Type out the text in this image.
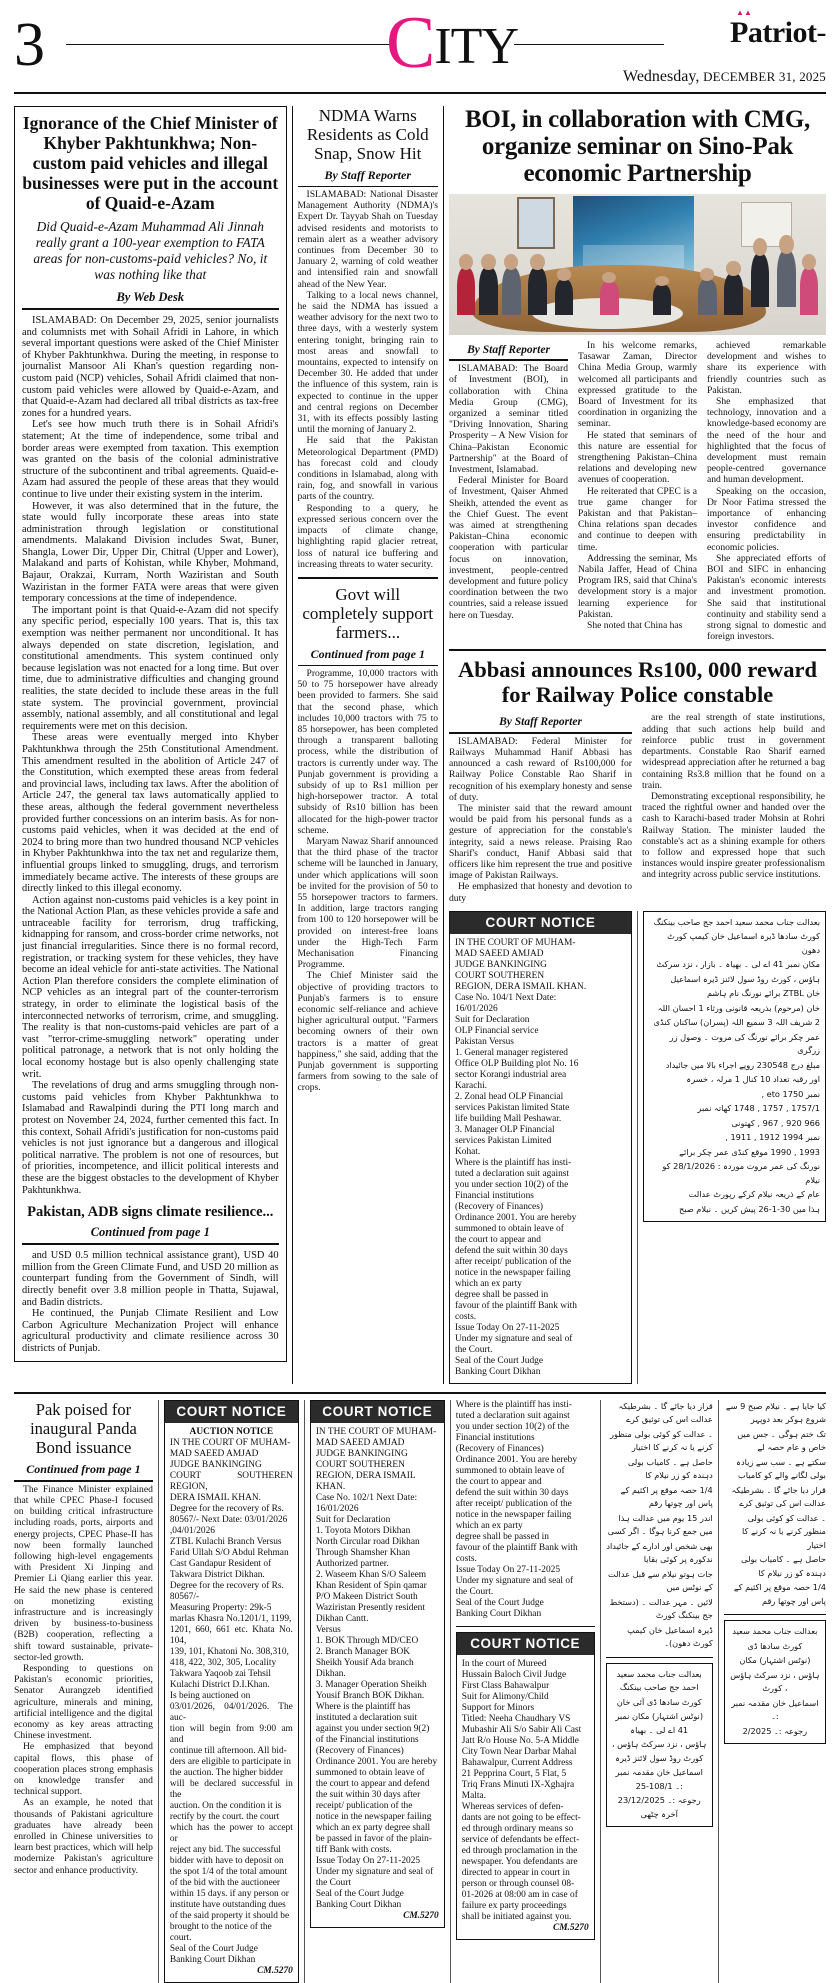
3	CITY
▲▲
Patriot-
Wednesday, DECEMBER 31, 2025
Ignorance of the Chief Minister of Khyber Pakhtunkhwa; Non-custom paid vehicles and illegal businesses were put in the account of Quaid-e-Azam
Did Quaid-e-Azam Muhammad Ali Jinnah really grant a 100-year exemption to FATA areas for non-customs-paid vehicles? No, it was nothing like that
By Web Desk

ISLAMABAD: On December 29, 2025, senior journalists and columnists met with Sohail Afridi in Lahore, in which several important questions were asked of the Chief Minister of Khyber Pakhtunkhwa. During the meeting, in response to journalist Mansoor Ali Khan's question regarding non-custom paid (NCP) vehicles, Sohail Afridi claimed that non-custom paid vehicles were allowed by Quaid-e-Azam, and that Quaid-e-Azam had declared all tribal districts as tax-free zones for a hundred years.

Let's see how much truth there is in Sohail Afridi's statement; At the time of independence, some tribal and border areas were exempted from taxation. This exemption was granted on the basis of the colonial administrative structure of the subcontinent and tribal agreements. Quaid-e-Azam had assured the people of these areas that they would continue to live under their existing system in the interim.

However, it was also determined that in the future, the state would fully incorporate these areas into state administration through legislation or constitutional amendments. Malakand Division includes Swat, Buner, Shangla, Lower Dir, Upper Dir, Chitral (Upper and Lower), Malakand and parts of Kohistan, while Khyber, Mohmand, Bajaur, Orakzai, Kurram, North Waziristan and South Waziristan in the former FATA were areas that were given temporary concessions at the time of independence.

The important point is that Quaid-e-Azam did not specify any specific period, especially 100 years. That is, this tax exemption was neither permanent nor unconditional. It has always depended on state discretion, legislation, and constitutional amendments. This system continued only because legislation was not enacted for a long time. But over time, due to administrative difficulties and changing ground realities, the state decided to include these areas in the full state system. The provincial government, provincial assembly, national assembly, and all constitutional and legal requirements were met on this decision.

These areas were eventually merged into Khyber Pakhtunkhwa through the 25th Constitutional Amendment. This amendment resulted in the abolition of Article 247 of the Constitution, which exempted these areas from federal and provincial laws, including tax laws. After the abolition of Article 247, the general tax laws automatically applied to these areas, although the federal government nevertheless provided further concessions on an interim basis. As for non-customs paid vehicles, when it was decided at the end of 2024 to bring more than two hundred thousand NCP vehicles in Khyber Pakhtunkhwa into the tax net and regularize them, influential groups linked to smuggling, drugs, and terrorism immediately became active. The interests of these groups are directly linked to this illegal economy.

Action against non-customs paid vehicles is a key point in the National Action Plan, as these vehicles provide a safe and untraceable facility for terrorism, drug trafficking, kidnapping for ransom, and cross-border crime networks, not just financial irregularities. Since there is no formal record, registration, or tracking system for these vehicles, they have become an ideal vehicle for anti-state activities. The National Action Plan therefore considers the complete elimination of NCP vehicles as an integral part of the counter-terrorism strategy, in order to eliminate the logistical basis of the interconnected networks of terrorism, crime, and smuggling. The reality is that non-customs-paid vehicles are part of a vast "terror-crime-smuggling network" operating under political patronage, a network that is not only holding the local economy hostage but is also openly challenging state writ.

The revelations of drug and arms smuggling through non-customs paid vehicles from Khyber Pakhtunkhwa to Islamabad and Rawalpindi during the PTI long march and protest on November 24, 2024, further cemented this fact. In this context, Sohail Afridi's justification for non-customs paid vehicles is not just ignorance but a dangerous and illogical political narrative. The problem is not one of resources, but of priorities, incompetence, and illicit political interests and these are the biggest obstacles to the development of Khyber Pakhtunkhwa.

Pakistan, ADB signs climate resilience...
Continued from page 1

and USD 0.5 million technical assistance grant), USD 40 million from the Green Climate Fund, and USD 20 million as counterpart funding from the Government of Sindh, will directly benefit over 3.8 million people in Thatta, Sujawal, and Badin districts.

He continued, the Punjab Climate Resilient and Low Carbon Agriculture Mechanization Project will enhance agricultural productivity and climate resilience across 30 districts of Punjab.

NDMA Warns Residents as Cold Snap, Snow Hit
By Staff Reporter

ISLAMABAD: National Disaster Management Authority (NDMA)'s Expert Dr. Tayyab Shah on Tuesday advised residents and motorists to remain alert as a weather advisory continues from December 30 to January 2, warning of cold weather and intensified rain and snowfall ahead of the New Year.

Talking to a local news channel, he said the NDMA has issued a weather advisory for the next two to three days, with a westerly system entering tonight, bringing rain to most areas and snowfall to mountains, expected to intensify on December 30. He added that under the influence of this system, rain is expected to continue in the upper and central regions on December 31, with its effects possibly lasting until the morning of January 2.

He said that the Pakistan Meteorological Department (PMD) has forecast cold and cloudy conditions in Islamabad, along with rain, fog, and snowfall in various parts of the country.

Responding to a query, he expressed serious concern over the impacts of climate change, highlighting rapid glacier retreat, loss of natural ice buffering and increasing threats to water security.

Govt will completely support farmers...
Continued from page 1

Programme, 10,000 tractors with 50 to 75 horsepower have already been provided to farmers. She said that the second phase, which includes 10,000 tractors with 75 to 85 horsepower, has been completed through a transparent balloting process, while the distribution of tractors is currently under way. The Punjab government is providing a subsidy of up to Rs1 million per high-horsepower tractor. A total subsidy of Rs10 billion has been allocated for the high-power tractor scheme.

Maryam Nawaz Sharif announced that the third phase of the tractor scheme will be launched in January, under which applications will soon be invited for the provision of 50 to 55 horsepower tractors to farmers. In addition, large tractors ranging from 100 to 120 horsepower will be provided on interest-free loans under the High-Tech Farm Mechanisation Financing Programme.

The Chief Minister said the objective of providing tractors to Punjab's farmers is to ensure economic self-reliance and achieve higher agricultural output. "Farmers becoming owners of their own tractors is a matter of great happiness," she said, adding that the Punjab government is supporting farmers from sowing to the sale of crops.

BOI, in collaboration with CMG, organize seminar on Sino-Pak economic Partnership
By Staff Reporter

ISLAMABAD: The Board of Investment (BOI), in collaboration with China Media Group (CMG), organized a seminar titled "Driving Innovation, Sharing Prosperity – A New Vision for China–Pakistan Economic Partnership" at the Board of Investment, Islamabad.

Federal Minister for Board of Investment, Qaiser Ahmed Sheikh, attended the event as the Chief Guest. The event was aimed at strengthening Pakistan–China economic cooperation with particular focus on innovation, investment, people-centred development and future policy coordination between the two countries, said a release issued here on Tuesday.

In his welcome remarks, Tasawar Zaman, Director China Media Group, warmly welcomed all participants and expressed gratitude to the Board of Investment for its coordination in organizing the seminar.

He stated that seminars of this nature are essential for strengthening Pakistan–China relations and developing new avenues of cooperation.

He reiterated that CPEC is a true game changer for Pakistan and that Pakistan–China relations span decades and continue to deepen with time.

Addressing the seminar, Ms Nabila Jaffer, Head of China Program IRS, said that China's development story is a major learning experience for Pakistan.

She noted that China has

achieved remarkable development and wishes to share its experience with friendly countries such as Pakistan.

She emphasized that technology, innovation and a knowledge-based economy are the need of the hour and highlighted that the focus of development must remain people-centred governance and human development.

Speaking on the occasion, Dr Noor Fatima stressed the importance of enhancing investor confidence and ensuring predictability in economic policies.

She appreciated efforts of BOI and SIFC in enhancing Pakistan's economic interests and investment promotion. She said that institutional continuity and stability send a strong signal to domestic and foreign investors.

Abbasi announces Rs100, 000 reward for Railway Police constable
By Staff Reporter

ISLAMABAD: Federal Minister for Railways Muhammad Hanif Abbasi has announced a cash reward of Rs100,000 for Railway Police Constable Rao Sharif in recognition of his exemplary honesty and sense of duty.

The minister said that the reward amount would be paid from his personal funds as a gesture of appreciation for the constable's integrity, said a news release. Praising Rao Sharif's conduct, Hanif Abbasi said that officers like him represent the true and positive image of Pakistan Railways.

He emphasized that honesty and devotion to duty

are the real strength of state institutions, adding that such actions help build and reinforce public trust in government departments. Constable Rao Sharif earned widespread appreciation after he returned a bag containing Rs3.8 million that he found on a train.

Demonstrating exceptional responsibility, he traced the rightful owner and handed over the cash to Karachi-based trader Mohsin at Rohri Railway Station. The minister lauded the constable's act as a shining example for others to follow and expressed hope that such instances would inspire greater professionalism and integrity across public service institutions.

COURT NOTICE

IN THE COURT OF MUHAM-

MAD SAEED AMJAD

JUDGE BANKINGING

COURT SOUTHEREN

REGION, DERA ISMAIL KHAN.

Case No. 104/1 Next Date:

16/01/2026

Suit for Declaration

OLP Financial service

Pakistan Versus

1. General manager registered

Office OLP Building plot No. 16

sector Korangi industrial area

Karachi.

2. Zonal head OLP Financial

services Pakistan limited State

life building Mall Peshawar.

3. Manager OLP Financial

services Pakistan Limited

Kohat.

Where is the plaintiff has insti-

tuted a declaration suit against

you under section 10(2) of the

Financial institutions

(Recovery of Finances)

Ordinance 2001. You are hereby

summoned to obtain leave of

the court to appear and

defend the suit within 30 days

after receipt/ publication of the

notice in the newspaper failing

which an ex party

degree shall be passed in

favour of the plaintiff Bank with

costs.

Issue Today On 27-11-2025

Under my signature and seal of

the Court.

Seal of the Court Judge

Banking Court Dikhan

بعدالت جناب محمد سعید احمد جج صاحب بینکنگ

کورٹ سادھا ڈیرہ اسماعیل خان کیمپ کورٹ دھون

مکان نمبر 41 اے لی ۔ بھیاہ ۔ بازار ، نزد سرکٹ

ہاؤس ، کورٹ روڈ سول لائنز ڈیرہ اسماعیل

خان ZTBL برائے نورنگ نام ہاشم

خان (مرحوم) بذریعہ قانونی ورثاء 1 احسان اللہ

2 شریف اللہ 3 سمیع اللہ (پسران) ساکنان کنڈی

عمر چکر برائے نورنگ کی مروت ۔ وصول زر زرگری

مبلغ درج 230548 روپے اجراء بالا میں جائیداد

اور رقبہ تعداد 10 کنال 1 مرلہ ، خسرہ

نمبر 1750 eto ,

1757/1 , 1757 , 1748 کھاتہ نمبر

966 920 , 967 , کھتونی

نمبر 1994 1912 , 1911 ,

1993 , 1990 موقع کنڈی عمر چکر برائے

نورنگ کی عمر مروت موردہ : 28/1/2026 کو نیلام

عام کے ذریعہ نیلام کرکے رپورٹ عدالت

ہذا میں 30-1-26 پیش کریں ۔ نیلام صبح

Pak poised for inaugural Panda Bond issuance
Continued from page 1

The Finance Minister explained that while CPEC Phase-I focused on building critical infrastructure including roads, ports, airports and energy projects, CPEC Phase-II has now been formally launched following high-level engagements with President Xi Jinping and Premier Li Qiang earlier this year. He said the new phase is centered on monetizing existing infrastructure and is increasingly driven by business-to-business (B2B) cooperation, reflecting a shift toward sustainable, private-sector-led growth.

Responding to questions on Pakistan's economic priorities, Senator Aurangzeb identified agriculture, minerals and mining, artificial intelligence and the digital economy as key areas attracting Chinese investment.

He emphasized that beyond capital flows, this phase of cooperation places strong emphasis on knowledge transfer and technical support.

As an example, he noted that thousands of Pakistani agriculture graduates have already been enrolled in Chinese universities to learn best practices, which will help modernize Pakistan's agriculture sector and enhance productivity.

COURT NOTICE

AUCTION NOTICE

IN THE COURT OF MUHAM-

MAD SAEED AMJAD

JUDGE BANKINGING

COURT SOUTHEREN REGION,

DERA ISMAIL KHAN.

Degree for the recovery of Rs.

80567/- Next Date: 03/01/2026

,04/01/2026

ZTBL Kulachi Branch Versus

Farid Ullah S/O Abdul Rehman

Cast Gandapur Resident of

Takwara District Dikhan.

Degree for the recovery of Rs.

80567/-

Measuring Property: 29k-5

marlas Khasra No.1201/1, 1199,

1201, 660, 661 etc. Khata No. 104,

139, 101, Khatoni No. 308,310,

418, 422, 302, 305, Locality

Takwara Yaqoob zai Tehsil

Kulachi District D.I.Khan.

Is being auctioned on

03/01/2026, 04/01/2026. The auc-

tion will begin from 9:00 am and

continue till afternoon. All bid-

ders are eligible to participate in

the auction. The higher bidder

will be declared successful in the

auction. On the condition it is

rectify by the court. the court

which has the power to accept or

reject any bid. The successful

bidder with have to deposit on

the spot 1/4 of the total amount

of the bid with the auctioneer

within 15 days. if any person or

institute have outstanding dues

of the said property it should be

brought to the notice of the

court.

Seal of the Court Judge

Banking Court Dikhan

CM.5270

COURT NOTICE

IN THE COURT OF MUHAM-

MAD SAEED AMJAD

JUDGE BANKINGING

COURT SOUTHEREN

REGION, DERA ISMAIL

KHAN.

Case No. 102/1 Next Date:

16/01/2026

Suit for Declaration

1. Toyota Motors Dikhan

North Circular road Dikhan

Through Shamsher Khan

Authorized partner.

2. Waseem Khan S/O Saleem

Khan Resident of Spin qamar

P/O Makeen District South

Waziristan Presently resident

Dikhan Cantt.

Versus

1. BOK Through MD/CEO

2. Branch Manager BOK

Sheikh Yousif Ada branch

Dikhan.

3. Manager Operation Sheikh

Yousif Branch BOK Dikhan.

Where is the plaintiff has

instituted a declaration suit

against you under section 9(2)

of the Financial institutions

(Recovery of Finances)

Ordinance 2001. You are hereby

summoned to obtain leave of

the court to appear and defend

the suit within 30 days after

receipt/ publication of the

notice in the newspaper failing

which an ex party degree shall

be passed in favor of the plain-

tiff Bank with costs.

Issue Today On 27-11-2025

Under my signature and seal of

the Court

Seal of the Court Judge

Banking Court Dikhan

CM.5270

Where is the plaintiff has insti-

tuted a declaration suit against

you under section 10(2) of the

Financial institutions

(Recovery of Finances)

Ordinance 2001. You are hereby

summoned to obtain leave of

the court to appear and

defend the suit within 30 days

after receipt/ publication of the

notice in the newspaper failing

which an ex party

degree shall be passed in

favour of the plaintiff Bank with

costs.

Issue Today On 27-11-2025

Under my signature and seal of

the Court.

Seal of the Court Judge

Banking Court Dikhan

COURT NOTICE

In the court of Mureed

Hussain Baloch Civil Judge

First Class Bahawalpur

Suit for Alimony/Child

Support for Minors

Titled: Neeha Chaudhary VS

Mubashir Ali S/o Sabir Ali Cast

Jatt R/o House No. 5-A Middle

City Town Near Darbar Mahal

Bahawalpur, Current Address

21 Pepprina Court, 5 Flat, 5

Triq Frans Minuti IX-Xghajra

Malta.

Whereas services of defen-

dants are not going to be effect-

ed through ordinary means so

service of defendants be effect-

ed through proclamation in the

newspaper. You defendants are

directed to appear in court in

person or through counsel 08-

01-2026 at 08:00 am in case of

failure ex party proceedings

shall be initiated against you.

CM.5270

قرار دیا جائے گا ۔ بشرطیکہ عدالت اس کی توثیق کرے

۔ عدالت کو کوئی بولی منظور کرنے یا نہ کرنے کا اختیار

حاصل ہے ۔ کامیاب بولی دہندہ کو زر نیلام کا

1/4 حصہ موقع پر اکثیم کے پاس اور چوتھا رقم

اندر 15 یوم میں عدالت ہذا میں جمع کرنا ہوگا ۔ اگر کسی

بھی شخص اور ادارے کے جائیداد ندکورہ پر کوئی بقایا

جات ہوتو نیلام سے قبل عدالت کے نوٹس میں

لائیں ۔ مہر عدالت ۔ (دستخط جج بینکنگ کورٹ

ڈیرہ اسماعیل خان کیمپ کورٹ دھون)۔

بعدالت جناب محمد سعید احمد جج صاحب بینکنگ

کورٹ سادھا ڈی آئی خان

(نوٹس اشتہار) مکان نمبر 41 اے لی ۔ بھیاہ

ہاؤس ، نزد سرکٹ ہاؤس ، کورٹ روڈ سول لائنز ڈیرہ

اسماعیل خان مقدمہ نمبر :۔ 108/1-25

رجوعہ :۔ 23/12/2025 آخرہ چٹھی

کیا جایا ہے ۔ نیلام صبح 9 سے شروع ہوکر بعد دوپہر

تک ختم ہوگی ۔ جس میں خاص و عام حصہ لے

سکتے ہے ۔ سب سے زیادہ بولی لگانے والے کو کامیاب

قرار دیا جائے گا ۔ بشرطیکہ عدالت اس کی توثیق کرے

۔ عدالت کو کوئی بولی منظور کرنے یا نہ کرنے کا اختیار

حاصل ہے ۔ کامیاب بولی دہندہ کو زر نیلام کا

1/4 حصہ موقع پر اکثیم کے پاس اور چوتھا رقم

بعدالت جناب محمد سعید

کورٹ سادھا ڈی

(نوٹس اشتہار) مکان

ہاؤس ، نزد سرکٹ ہاؤس ، کورٹ

اسماعیل خان مقدمہ نمبر :۔

رجوعہ :۔ 2/2025
